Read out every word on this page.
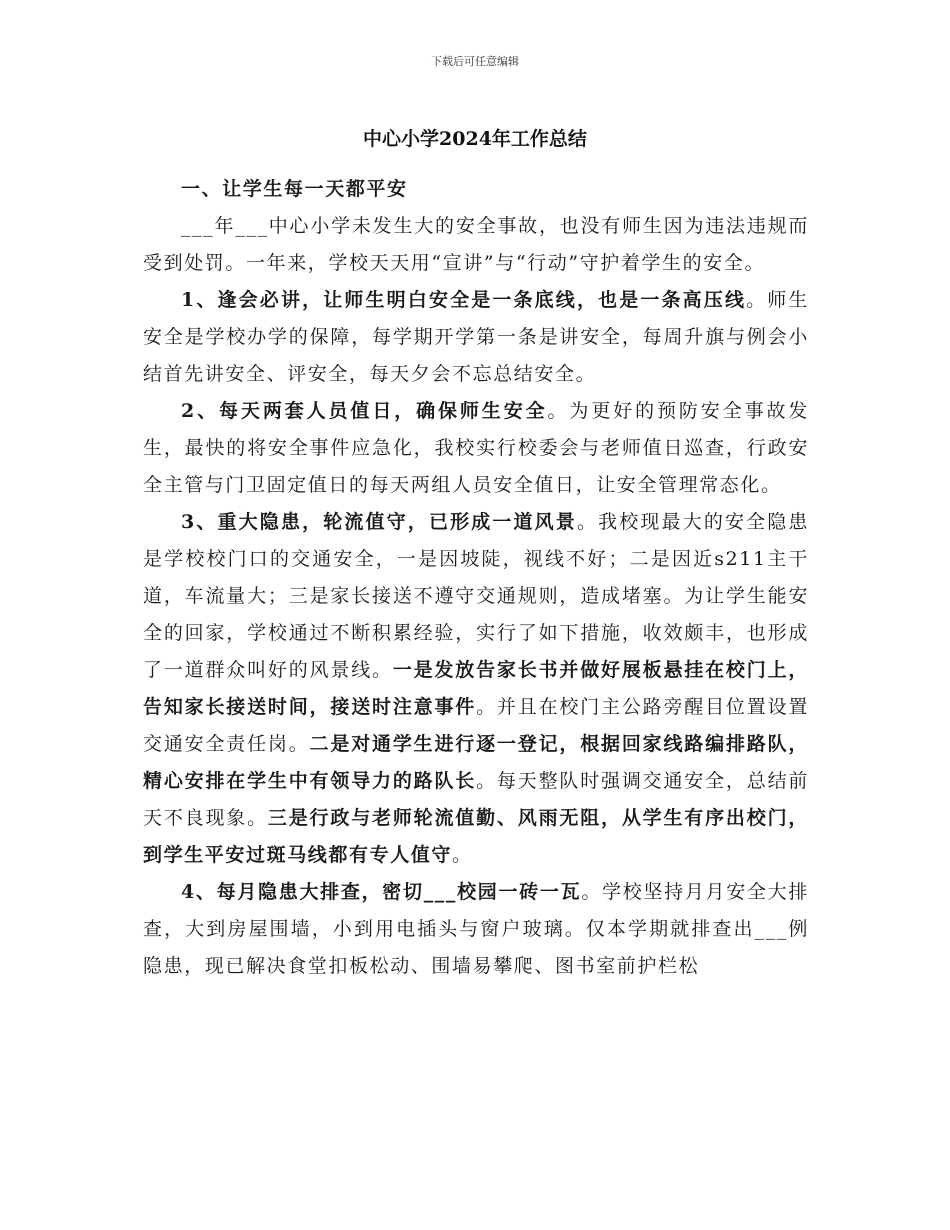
下载后可任意编辑
中心小学2024年工作总结

一、让学生每一天都平安

___年___中心小学未发生大的安全事故，也没有师生因为违法违规而受到处罚。一年来，学校天天用“宣讲”与“行动”守护着学生的安全。

1、逢会必讲，让师生明白安全是一条底线，也是一条高压线。师生安全是学校办学的保障，每学期开学第一条是讲安全，每周升旗与例会小结首先讲安全、评安全，每天夕会不忘总结安全。

2、每天两套人员值日，确保师生安全。为更好的预防安全事故发生，最快的将安全事件应急化，我校实行校委会与老师值日巡查，行政安全主管与门卫固定值日的每天两组人员安全值日，让安全管理常态化。

3、重大隐患，轮流值守，已形成一道风景。我校现最大的安全隐患是学校校门口的交通安全，一是因坡陡，视线不好；二是因近s211主干道，车流量大；三是家长接送不遵守交通规则，造成堵塞。为让学生能安全的回家，学校通过不断积累经验，实行了如下措施，收效颇丰，也形成了一道群众叫好的风景线。一是发放告家长书并做好展板悬挂在校门上，告知家长接送时间，接送时注意事件。并且在校门主公路旁醒目位置设置交通安全责任岗。二是对通学生进行逐一登记，根据回家线路编排路队，精心安排在学生中有领导力的路队长。每天整队时强调交通安全，总结前天不良现象。三是行政与老师轮流值勤、风雨无阻，从学生有序出校门，到学生平安过斑马线都有专人值守。

4、每月隐患大排查，密切___校园一砖一瓦。学校坚持月月安全大排查，大到房屋围墙，小到用电插头与窗户玻璃。仅本学期就排查出___例隐患，现已解决食堂扣板松动、围墙易攀爬、图书室前护栏松
